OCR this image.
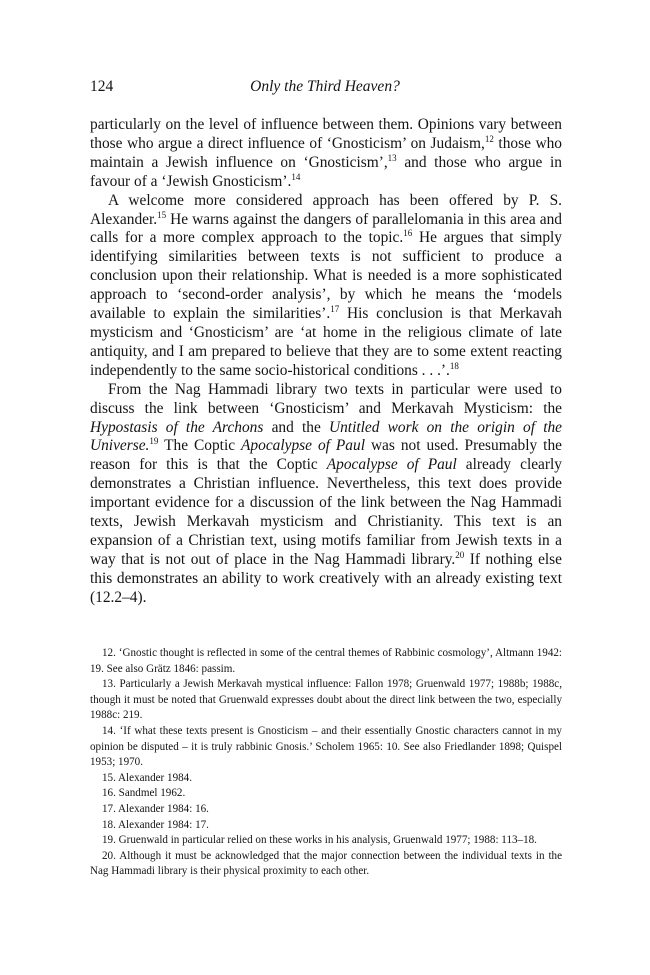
124	Only the Third Heaven?

particularly on the level of influence between them. Opinions vary between those who argue a direct influence of ‘Gnosticism’ on Judaism,$^{12}$ those who maintain a Jewish influence on ‘Gnosticism’,$^{13}$ and those who argue in favour of a ‘Jewish Gnosticism’.$^{14}$

A welcome more considered approach has been offered by P. S. Alexander.$^{15}$ He warns against the dangers of parallelomania in this area and calls for a more complex approach to the topic.$^{16}$ He argues that simply identifying similarities between texts is not sufficient to produce a conclusion upon their relationship. What is needed is a more sophisticated approach to ‘second-order analysis’, by which he means the ‘models available to explain the similarities’.$^{17}$ His conclusion is that Merkavah mysticism and ‘Gnosticism’ are ‘at home in the religious climate of late antiquity, and I am prepared to believe that they are to some extent reacting independently to the same socio-historical conditions . . .’.$^{18}$

From the Nag Hammadi library two texts in particular were used to discuss the link between ‘Gnosticism’ and Merkavah Mysticism: the Hypostasis of the Archons and the Untitled work on the origin of the Universe.$^{19}$ The Coptic Apocalypse of Paul was not used. Presumably the reason for this is that the Coptic Apocalypse of Paul already clearly demonstrates a Christian influence. Nevertheless, this text does provide important evidence for a discussion of the link between the Nag Hammadi texts, Jewish Merkavah mysticism and Christianity. This text is an expansion of a Christian text, using motifs familiar from Jewish texts in a way that is not out of place in the Nag Hammadi library.$^{20}$ If nothing else this demonstrates an ability to work creatively with an already existing text (12.2–4).

12. ‘Gnostic thought is reflected in some of the central themes of Rabbinic cosmology’, Altmann 1942: 19. See also Grätz 1846: passim.

13. Particularly a Jewish Merkavah mystical influence: Fallon 1978; Gruenwald 1977; 1988b; 1988c, though it must be noted that Gruenwald expresses doubt about the direct link between the two, especially 1988c: 219.

14. ‘If what these texts present is Gnosticism – and their essentially Gnostic characters cannot in my opinion be disputed – it is truly rabbinic Gnosis.’ Scholem 1965: 10. See also Friedlander 1898; Quispel 1953; 1970.

15. Alexander 1984.

16. Sandmel 1962.

17. Alexander 1984: 16.

18. Alexander 1984: 17.

19. Gruenwald in particular relied on these works in his analysis, Gruenwald 1977; 1988: 113–18.

20. Although it must be acknowledged that the major connection between the individual texts in the Nag Hammadi library is their physical proximity to each other.
